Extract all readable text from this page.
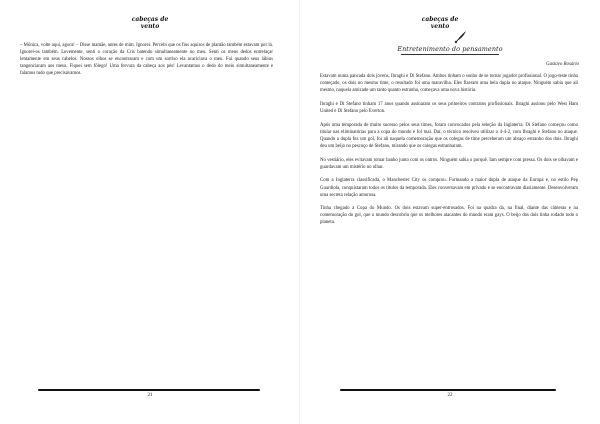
cabeças de
vento

– Mônica, volte aqui, agora! – Disse mamãe, antes de mim. Ignorei. Percebi que os fios aquiros de plantão também estavam por lá. Ignorei-os também. Levemente, senti o coração da Cris batendo simultaneamente no meu. Senti os meus dedos entrelaçar lentamente em seus cabelos. Nossos olhos se encontraram e com um sorriso ela acariciava o meu. Foi quando seus lábios tangenciaram aos meus. Fiquei sem fôlego! Uma fervura da cabeça aos pés! Levantamos o dedo do meio simultaneamente e falamos tudo que precisávamos.

21
cabeças de
vento
Entretenimento do pensamento
Gustavo Rosário

Estavam numa pancada dois jovens, Ibraghi e Di Stefano. Ambos tinham o sonho de se tornar jogador profissional. O jogo-teste tinha começado, os dois no mesmo time, o resultado foi uma maravilha. Eles fizeram uma bela dupla no ataque. Ninguém sabia que ali mesmo, naquela amizade um tanto quanto estranha, começava uma nova história.

Ibraghi e Di Stefano tinham 17 anos quando assinaram os seus primeiros contratos profissionais. Ibraghi assinou pelo West Ham United e Di Stefano pelo Everton.

Após uma temporada de muito sucesso pelos seus times, foram convocados pela seleção da Inglaterra. Di Stefano começou como titular nas eliminatórias para a copa do mundo e foi mal. Daí, o técnico resolveu utilizar o 4-4-2, com Ibraghi e Stefano no ataque. Quando a dupla fez um gol, foi ali naquela comemoração que os colegas de time perceberam um abraço estranho dos dois. Ibraghi deu um beijo no pescoço de Stefano, mirando que os colegas estranharam.

No vestiário, eles evitavam tomar banho junto com os outros. Ninguém sabia o porquê. Iam sempre com pressa. Os dois se olhavam e guardavam um mistério no olhar.

Com a Inglaterra classificada, o Manchester City os comprou. Formando a maior dupla de ataque da Europa e, no estilo Pep Guardiola, conquistaram todos os títulos da temporada. Eles conversavam em privado e se encontravam diariamente. Desenvolveram uma secreta relação amorosa.

Tinha chegado a Copa do Mundo. Os dois estavam super-entrosados. Foi na quadra da, na final, diante das câmeras e na comemoração do gol, que o mundo descobriu que os melhores atacantes do mundo eram gays. O beijo dos dois tinha rodado todo o planeta.

22
